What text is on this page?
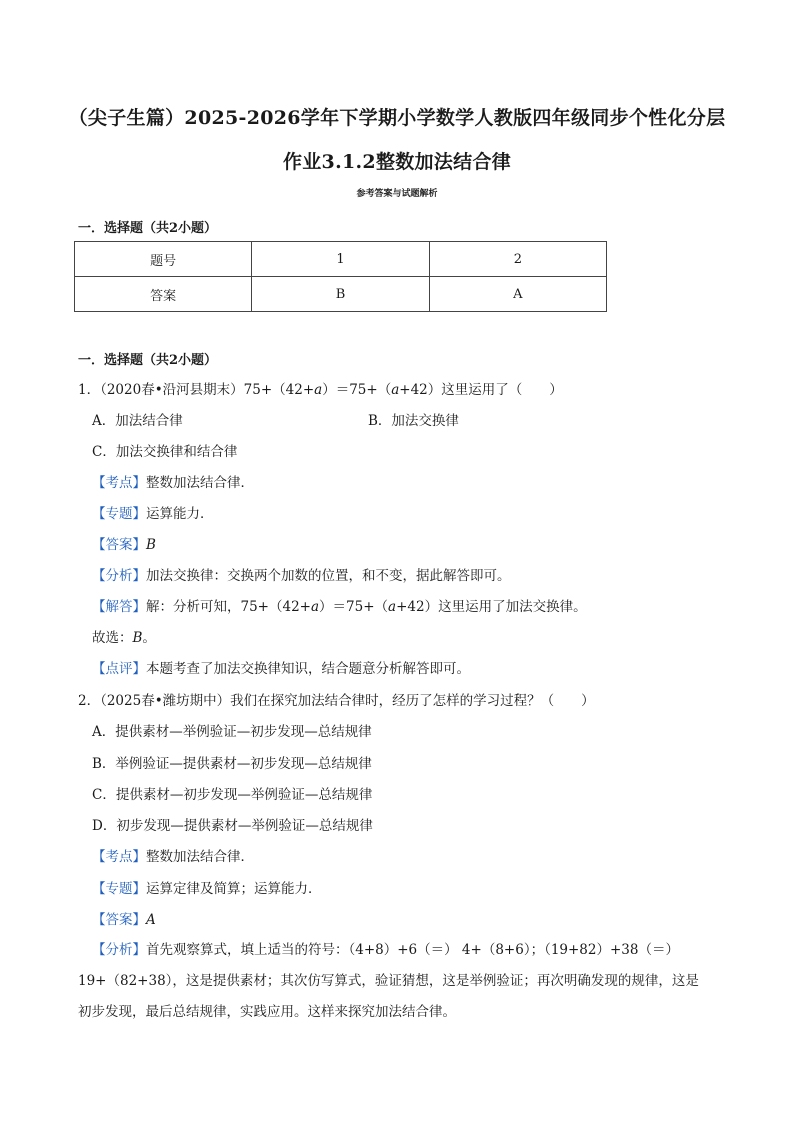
（尖子生篇）2025-2026学年下学期小学数学人教版四年级同步个性化分层作业3.1.2整数加法结合律
参考答案与试题解析
一．选择题（共2小题）
题号	1	2
答案	B	A
一．选择题（共2小题）
1．（2020春•沿河县期末）75+（42+a）＝75+（a+42）这里运用了（　　）
A．加法结合律	B．加法交换律
C．加法交换律和结合律
【考点】整数加法结合律．
【专题】运算能力．
【答案】B
【分析】加法交换律：交换两个加数的位置，和不变，据此解答即可。
【解答】解：分析可知，75+（42+a）＝75+（a+42）这里运用了加法交换律。
故选：B。
【点评】本题考查了加法交换律知识，结合题意分析解答即可。
2．（2025春•潍坊期中）我们在探究加法结合律时，经历了怎样的学习过程？（　　）
A．提供素材—举例验证—初步发现—总结规律
B．举例验证—提供素材—初步发现—总结规律
C．提供素材—初步发现—举例验证—总结规律
D．初步发现—提供素材—举例验证—总结规律
【考点】整数加法结合律．
【专题】运算定律及简算；运算能力．
【答案】A
【分析】首先观察算式，填上适当的符号：（4+8）+6（＝） 4+（8+6）；（19+82）+38（＝）19+（82+38），这是提供素材；其次仿写算式，验证猜想，这是举例验证；再次明确发现的规律，这是初步发现，最后总结规律，实践应用。这样来探究加法结合律。
